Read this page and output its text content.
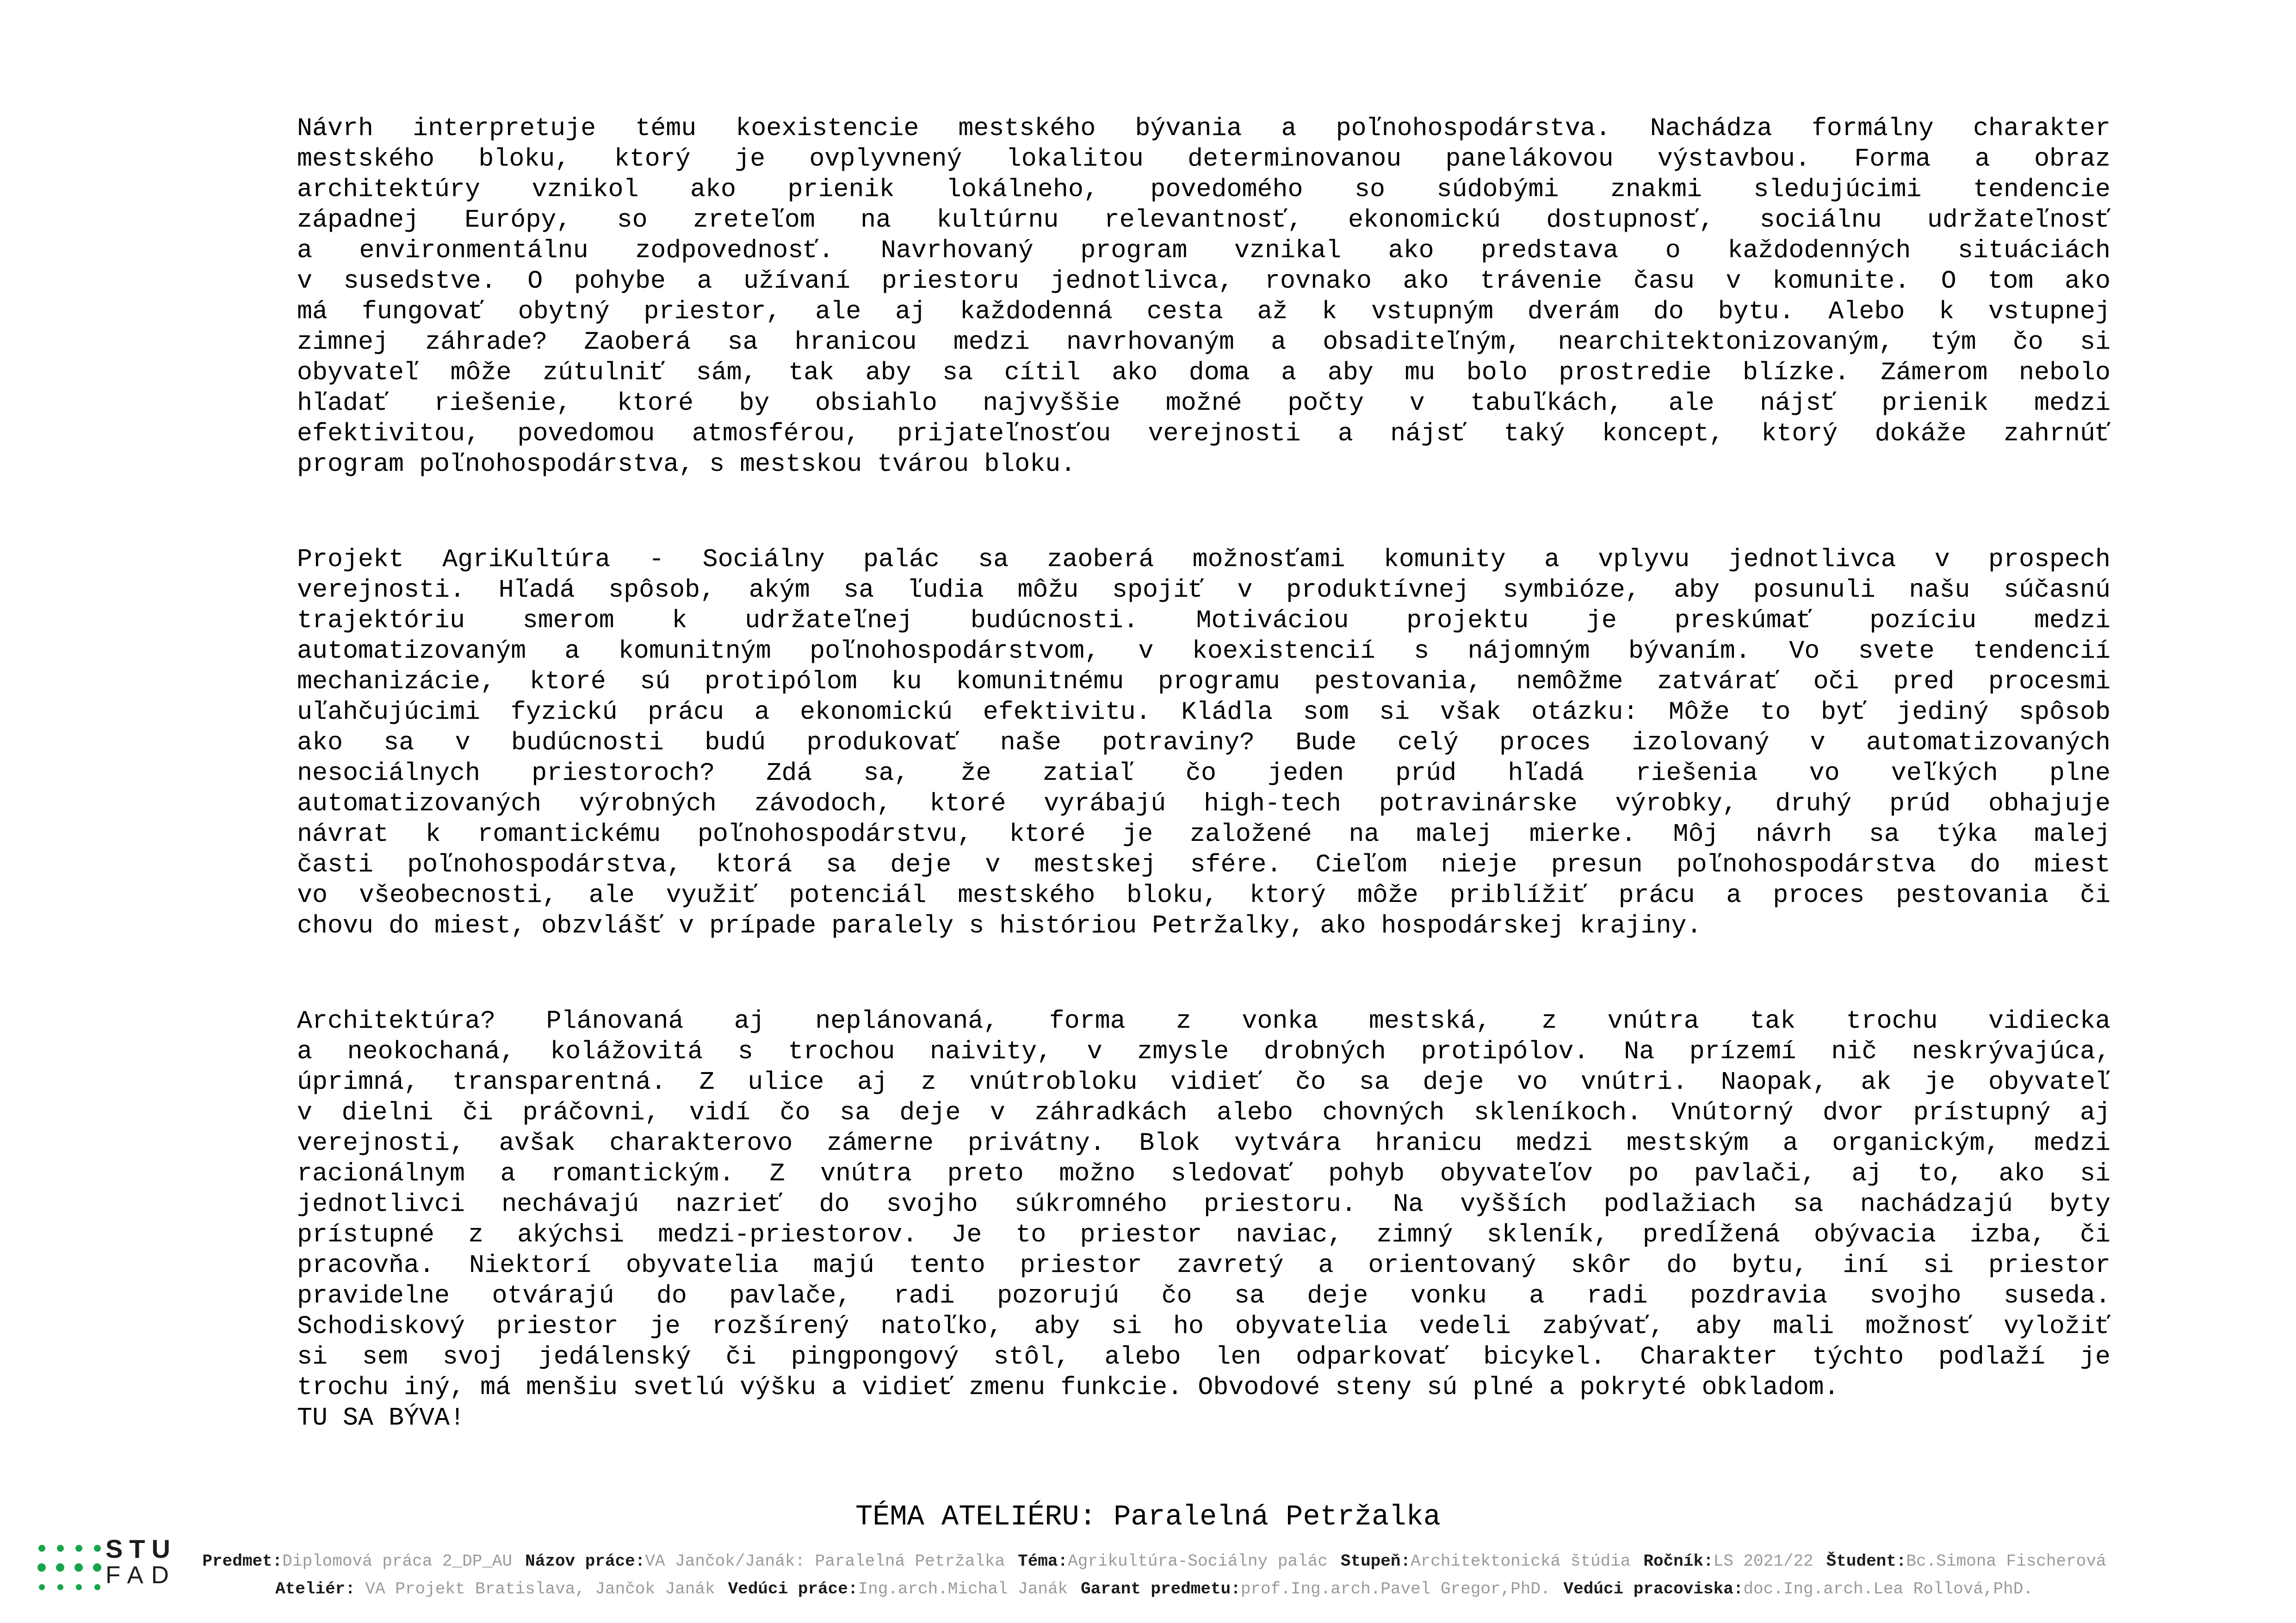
Návrh interpretuje tému koexistencie mestského bývania a poľnohospodárstva. Nachádza formálny charakter
mestského bloku, ktorý je ovplyvnený lokalitou determinovanou panelákovou výstavbou. Forma a obraz
architektúry vznikol ako prienik lokálneho, povedomého so súdobými znakmi sledujúcimi tendencie
západnej Európy, so zreteľom na kultúrnu relevantnosť, ekonomickú dostupnosť, sociálnu udržateľnosť
a environmentálnu zodpovednosť. Navrhovaný program vznikal ako predstava o každodenných situáciách
v susedstve. O pohybe a užívaní priestoru jednotlivca, rovnako ako trávenie času v komunite. O tom ako
má fungovať obytný priestor, ale aj každodenná cesta až k vstupným dverám do bytu. Alebo k vstupnej
zimnej záhrade? Zaoberá sa hranicou medzi navrhovaným a obsaditeľným, nearchitektonizovaným, tým čo si
obyvateľ môže zútulniť sám, tak aby sa cítil ako doma a aby mu bolo prostredie blízke. Zámerom nebolo
hľadať riešenie, ktoré by obsiahlo najvyššie možné počty v tabuľkách, ale nájsť prienik medzi
efektivitou, povedomou atmosférou, prijateľnosťou verejnosti a nájsť taký koncept, ktorý dokáže zahrnúť
program poľnohospodárstva, s mestskou tvárou bloku.
Projekt AgriKultúra - Sociálny palác sa zaoberá možnosťami komunity a vplyvu jednotlivca v prospech
verejnosti. Hľadá spôsob, akým sa ľudia môžu spojiť v produktívnej symbióze, aby posunuli našu súčasnú
trajektóriu smerom k udržateľnej budúcnosti. Motiváciou projektu je preskúmať pozíciu medzi
automatizovaným a komunitným poľnohospodárstvom, v koexistencií s nájomným bývaním. Vo svete tendencií
mechanizácie, ktoré sú protipólom ku komunitnému programu pestovania, nemôžme zatvárať oči pred procesmi
uľahčujúcimi fyzickú prácu a ekonomickú efektivitu. Kládla som si však otázku: Môže to byť jediný spôsob
ako sa v budúcnosti budú produkovať naše potraviny? Bude celý proces izolovaný v automatizovaných
nesociálnych priestoroch? Zdá sa, že zatiaľ čo jeden prúd hľadá riešenia vo veľkých plne
automatizovaných výrobných závodoch, ktoré vyrábajú high-tech potravinárske výrobky, druhý prúd obhajuje
návrat k romantickému poľnohospodárstvu, ktoré je založené na malej mierke. Môj návrh sa týka malej
časti poľnohospodárstva, ktorá sa deje v mestskej sfére. Cieľom nieje presun poľnohospodárstva do miest
vo všeobecnosti, ale využiť potenciál mestského bloku, ktorý môže priblížiť prácu a proces pestovania či
chovu do miest, obzvlášť v prípade paralely s históriou Petržalky, ako hospodárskej krajiny.
Architektúra? Plánovaná aj neplánovaná, forma z vonka mestská, z vnútra tak trochu vidiecka
a neokochaná, kolážovitá s trochou naivity, v zmysle drobných protipólov. Na prízemí nič neskrývajúca,
úprimná, transparentná. Z ulice aj z vnútrobloku vidieť čo sa deje vo vnútri. Naopak, ak je obyvateľ
v dielni či práčovni, vidí čo sa deje v záhradkách alebo chovných skleníkoch. Vnútorný dvor prístupný aj
verejnosti, avšak charakterovo zámerne privátny. Blok vytvára hranicu medzi mestským a organickým, medzi
racionálnym a romantickým. Z vnútra preto možno sledovať pohyb obyvateľov po pavlači, aj to, ako si
jednotlivci nechávajú nazrieť do svojho súkromného priestoru. Na vyšších podlažiach sa nachádzajú byty
prístupné z akýchsi medzi-priestorov. Je to priestor naviac, zimný skleník, predĺžená obývacia izba, či
pracovňa. Niektorí obyvatelia majú tento priestor zavretý a orientovaný skôr do bytu, iní si priestor
pravidelne otvárajú do pavlače, radi pozorujú čo sa deje vonku a radi pozdravia svojho suseda.
Schodiskový priestor je rozšírený natoľko, aby si ho obyvatelia vedeli zabývať, aby mali možnosť vyložiť
si sem svoj jedálenský či pingpongový stôl, alebo len odparkovať bicykel. Charakter týchto podlaží je
trochu iný, má menšiu svetlú výšku a vidieť zmenu funkcie. Obvodové steny sú plné a pokryté obkladom.
TU SA BÝVA!
TÉMA ATELIÉRU: Paralelná Petržalka
STU
FAD
Predmet:Diplomová práca 2_DP_AU Názov práce:VA Jančok/Janák: Paralelná Petržalka Téma:Agrikultúra-Sociálny palác Stupeň:Architektonická štúdia Ročník:LS 2021/22 Študent:Bc.Simona Fischerová
Ateliér: VA Projekt Bratislava, Jančok Janák Vedúci práce:Ing.arch.Michal Janák Garant predmetu:prof.Ing.arch.Pavel Gregor,PhD. Vedúci pracoviska:doc.Ing.arch.Lea Rollová,PhD.
